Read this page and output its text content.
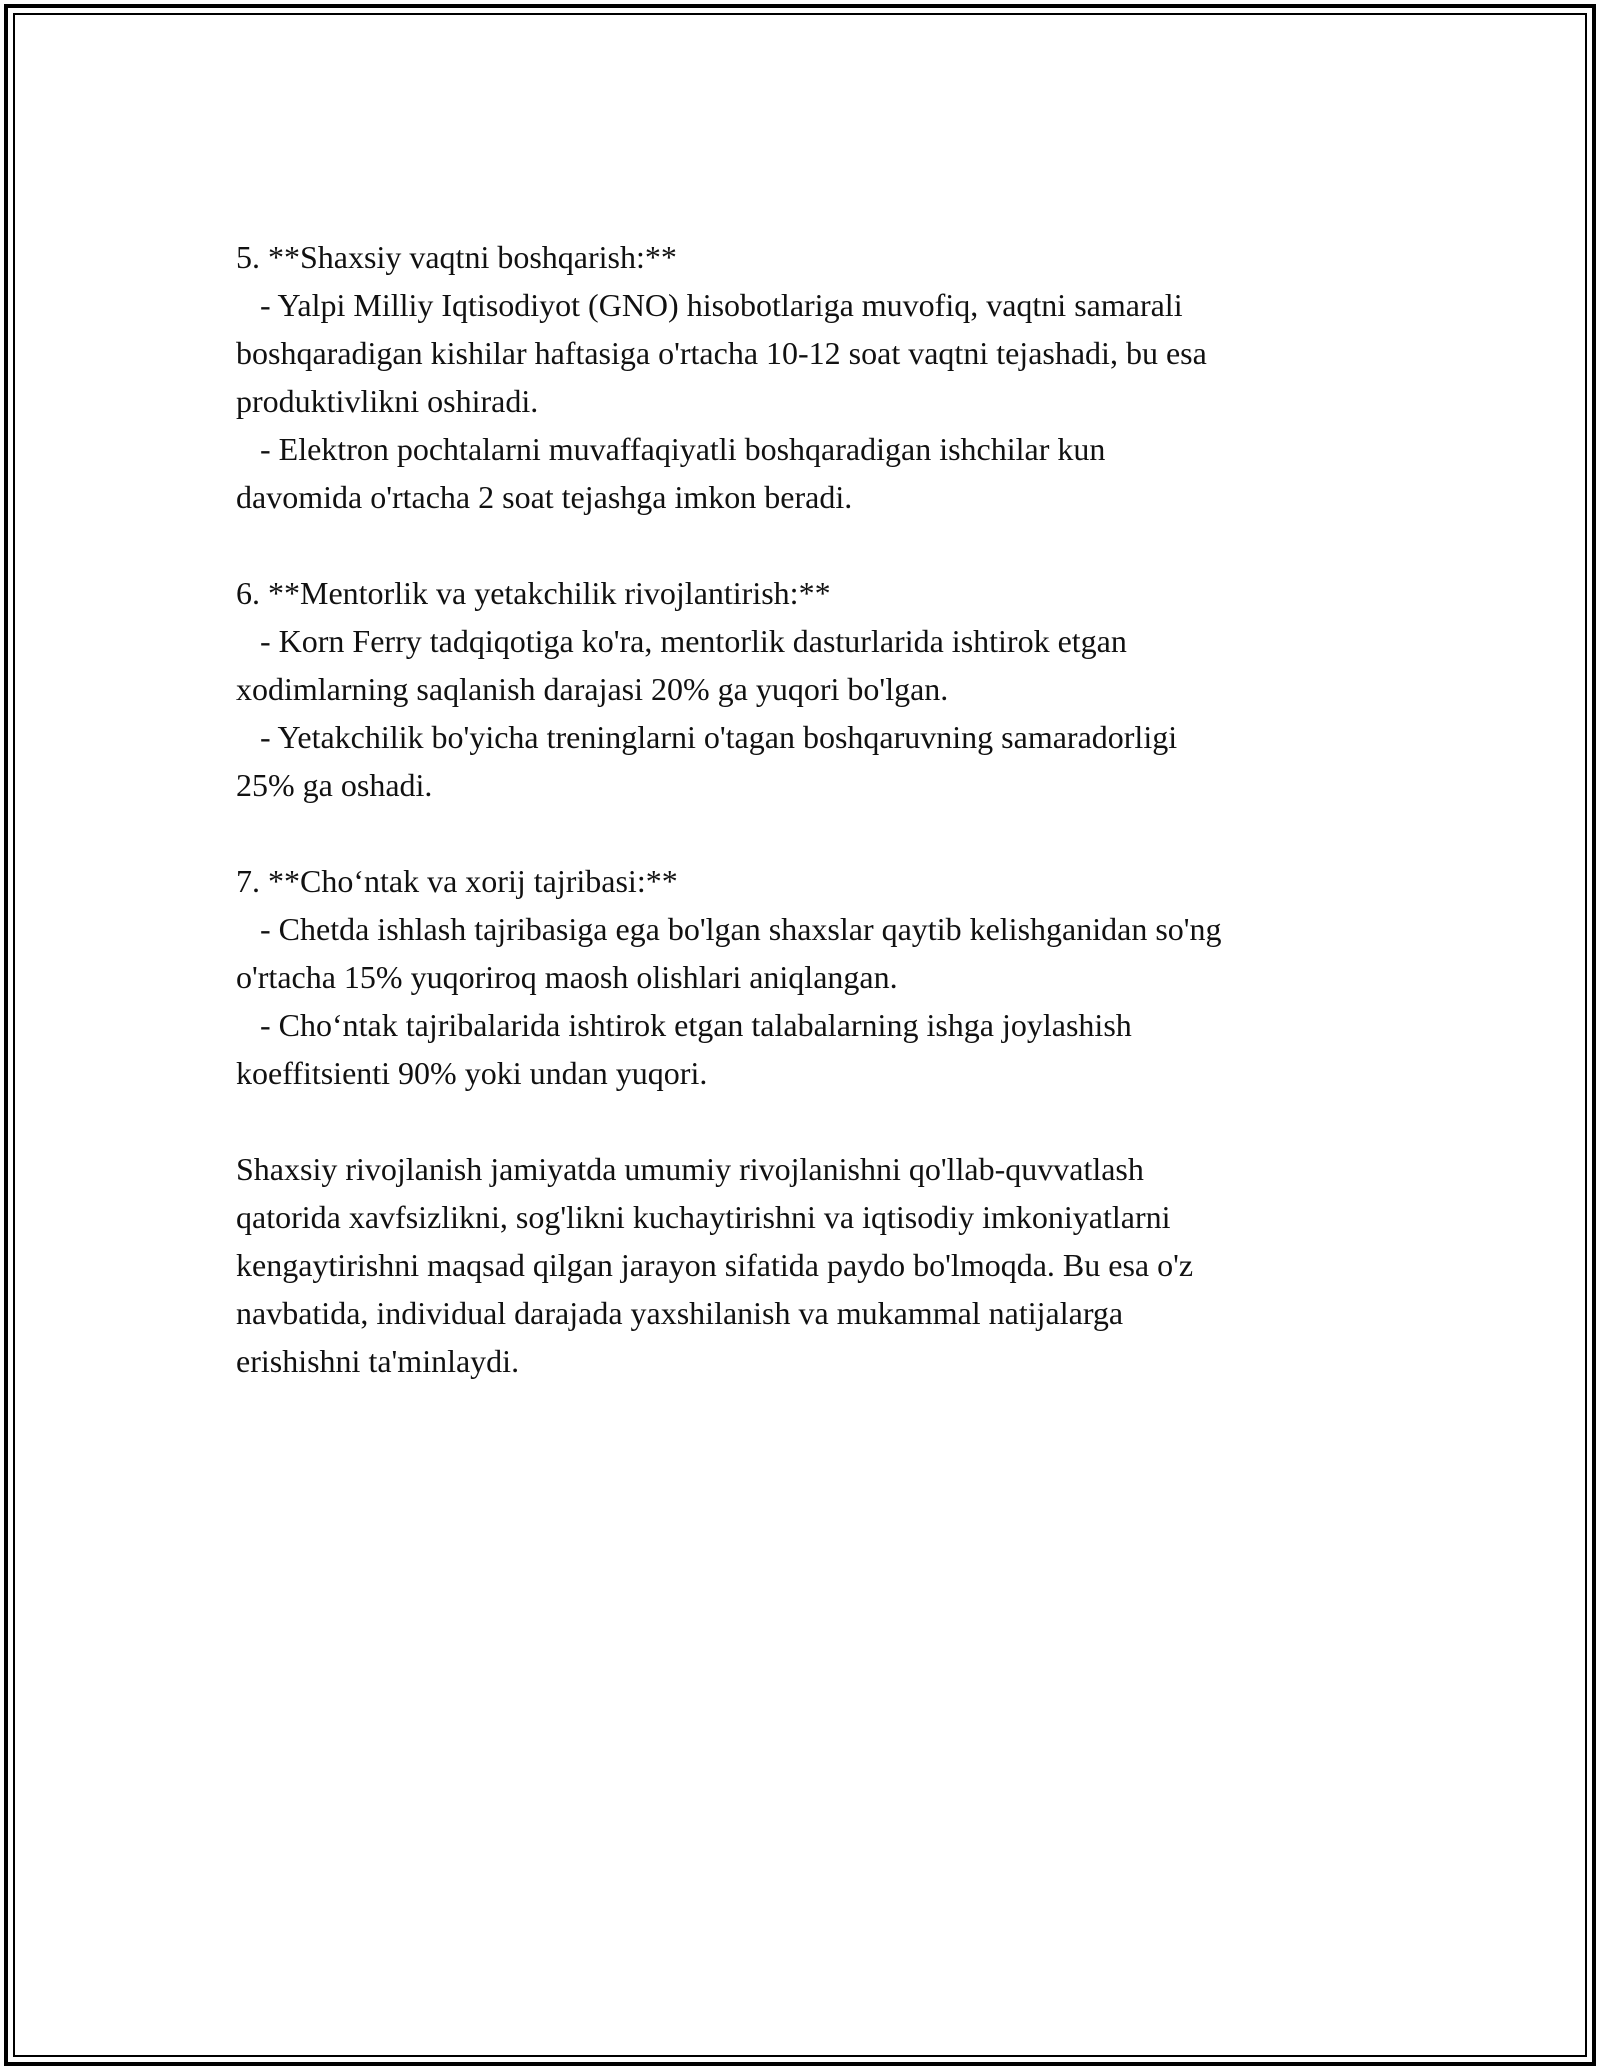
5. **Shaxsiy vaqtni boshqarish:**
- Yalpi Milliy Iqtisodiyot (GNO) hisobotlariga muvofiq, vaqtni samarali
boshqaradigan kishilar haftasiga o'rtacha 10-12 soat vaqtni tejashadi, bu esa
produktivlikni oshiradi.
- Elektron pochtalarni muvaffaqiyatli boshqaradigan ishchilar kun
davomida o'rtacha 2 soat tejashga imkon beradi.
6. **Mentorlik va yetakchilik rivojlantirish:**
- Korn Ferry tadqiqotiga ko'ra, mentorlik dasturlarida ishtirok etgan
xodimlarning saqlanish darajasi 20% ga yuqori bo'lgan.
- Yetakchilik bo'yicha treninglarni o'tagan boshqaruvning samaradorligi
25% ga oshadi.
7. **Cho‘ntak va xorij tajribasi:**
- Chetda ishlash tajribasiga ega bo'lgan shaxslar qaytib kelishganidan so'ng
o'rtacha 15% yuqoriroq maosh olishlari aniqlangan.
- Cho‘ntak tajribalarida ishtirok etgan talabalarning ishga joylashish
koeffitsienti 90% yoki undan yuqori.
Shaxsiy rivojlanish jamiyatda umumiy rivojlanishni qo'llab-quvvatlash
qatorida xavfsizlikni, sog'likni kuchaytirishni va iqtisodiy imkoniyatlarni
kengaytirishni maqsad qilgan jarayon sifatida paydo bo'lmoqda. Bu esa o'z
navbatida, individual darajada yaxshilanish va mukammal natijalarga
erishishni ta'minlaydi.
